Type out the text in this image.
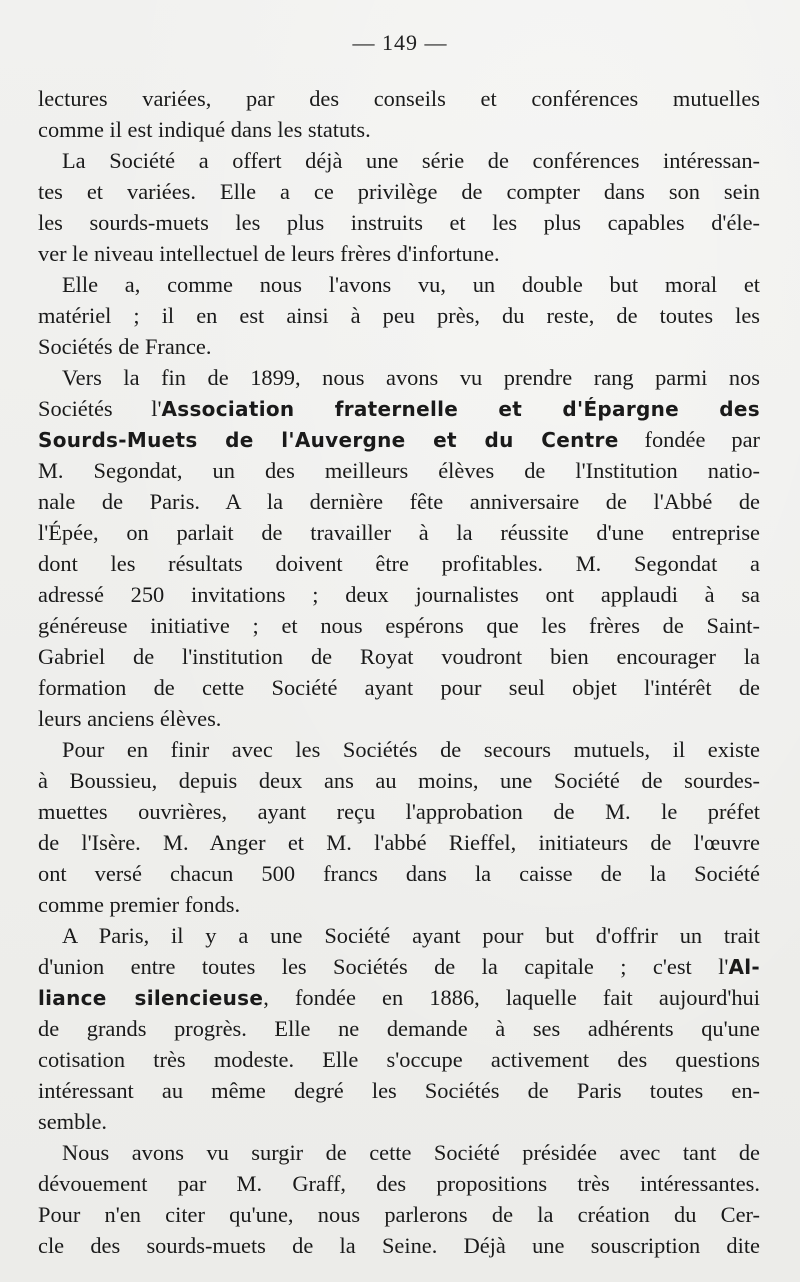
— 149 —
lectures variées, par des conseils et conférences mutuelles
comme il est indiqué dans les statuts.
La Société a offert déjà une série de conférences intéressan-
tes et variées. Elle a ce privilège de compter dans son sein
les sourds-muets les plus instruits et les plus capables d'éle-
ver le niveau intellectuel de leurs frères d'infortune.
Elle a, comme nous l'avons vu, un double but moral et
matériel ; il en est ainsi à peu près, du reste, de toutes les
Sociétés de France.
Vers la fin de 1899, nous avons vu prendre rang parmi nos
Sociétés l'Association fraternelle et d'Épargne des
Sourds-Muets de l'Auvergne et du Centre fondée par
M. Segondat, un des meilleurs élèves de l'Institution natio-
nale de Paris. A la dernière fête anniversaire de l'Abbé de
l'Épée, on parlait de travailler à la réussite d'une entreprise
dont les résultats doivent être profitables. M. Segondat a
adressé 250 invitations ; deux journalistes ont applaudi à sa
généreuse initiative ; et nous espérons que les frères de Saint-
Gabriel de l'institution de Royat voudront bien encourager la
formation de cette Société ayant pour seul objet l'intérêt de
leurs anciens élèves.
Pour en finir avec les Sociétés de secours mutuels, il existe
à Boussieu, depuis deux ans au moins, une Société de sourdes-
muettes ouvrières, ayant reçu l'approbation de M. le préfet
de l'Isère. M. Anger et M. l'abbé Rieffel, initiateurs de l'œuvre
ont versé chacun 500 francs dans la caisse de la Société
comme premier fonds.
A Paris, il y a une Société ayant pour but d'offrir un trait
d'union entre toutes les Sociétés de la capitale ; c'est l'Al-
liance silencieuse, fondée en 1886, laquelle fait aujourd'hui
de grands progrès. Elle ne demande à ses adhérents qu'une
cotisation très modeste. Elle s'occupe activement des questions
intéressant au même degré les Sociétés de Paris toutes en-
semble.
Nous avons vu surgir de cette Société présidée avec tant de
dévouement par M. Graff, des propositions très intéressantes.
Pour n'en citer qu'une, nous parlerons de la création du Cer-
cle des sourds-muets de la Seine. Déjà une souscription dite
